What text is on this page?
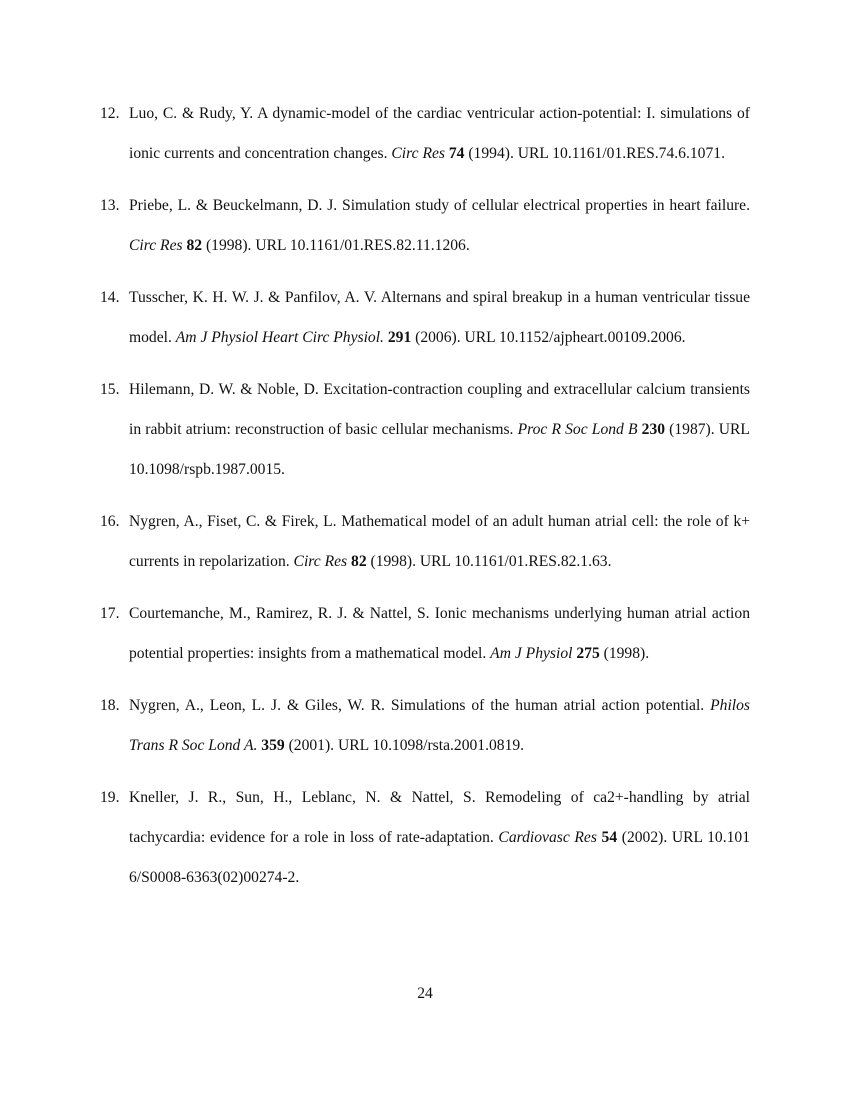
12. Luo, C. & Rudy, Y. A dynamic-model of the cardiac ventricular action-potential: I. simulations of ionic currents and concentration changes. Circ Res 74 (1994). URL 10.1161/01.RES.74.6.1071.
13. Priebe, L. & Beuckelmann, D. J. Simulation study of cellular electrical properties in heart failure. Circ Res 82 (1998). URL 10.1161/01.RES.82.11.1206.
14. Tusscher, K. H. W. J. & Panfilov, A. V. Alternans and spiral breakup in a human ventricular tissue model. Am J Physiol Heart Circ Physiol. 291 (2006). URL 10.1152/ajpheart.00109.2006.
15. Hilemann, D. W. & Noble, D. Excitation-contraction coupling and extracellular calcium transients in rabbit atrium: reconstruction of basic cellular mechanisms. Proc R Soc Lond B 230 (1987). URL 10.1098/rspb.1987.0015.
16. Nygren, A., Fiset, C. & Firek, L. Mathematical model of an adult human atrial cell: the role of k+ currents in repolarization. Circ Res 82 (1998). URL 10.1161/01.RES.82.1.63.
17. Courtemanche, M., Ramirez, R. J. & Nattel, S. Ionic mechanisms underlying human atrial action potential properties: insights from a mathematical model. Am J Physiol 275 (1998).
18. Nygren, A., Leon, L. J. & Giles, W. R. Simulations of the human atrial action potential. Philos Trans R Soc Lond A. 359 (2001). URL 10.1098/rsta.2001.0819.
19. Kneller, J. R., Sun, H., Leblanc, N. & Nattel, S. Remodeling of ca2+-handling by atrial tachycardia: evidence for a role in loss of rate-adaptation. Cardiovasc Res 54 (2002). URL 10.1016/S0008-6363(02)00274-2.
24
